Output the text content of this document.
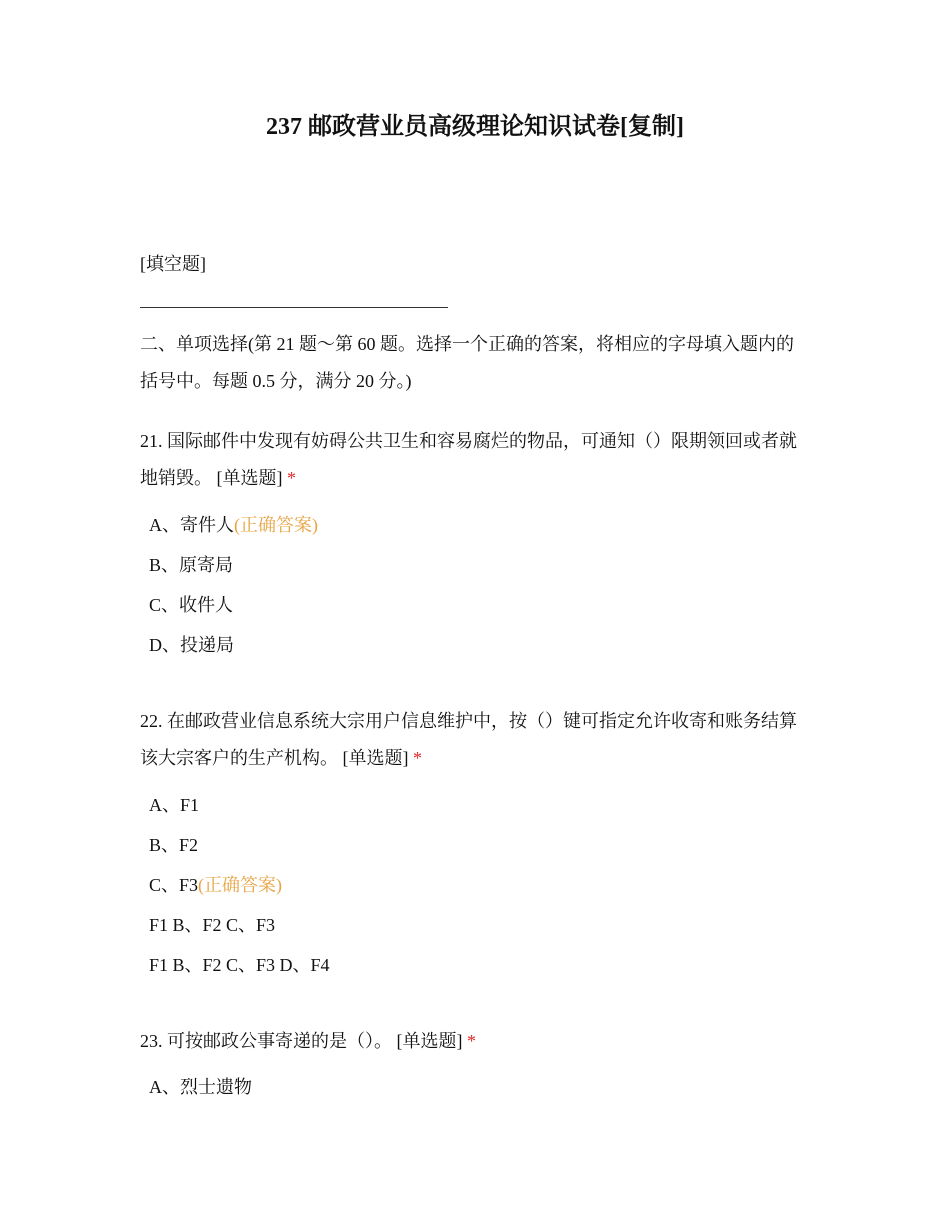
237 邮政营业员高级理论知识试卷[复制]
[填空题]

二、单项选择(第 21 题～第 60 题。选择一个正确的答案，将相应的字母填入题内的括号中。每题 0.5 分，满分 20 分。)

21. 国际邮件中发现有妨碍公共卫生和容易腐烂的物品，可通知（）限期领回或者就地销毁。 [单选题] *

A、寄件人(正确答案)
B、原寄局
C、收件人
D、投递局

22. 在邮政营业信息系统大宗用户信息维护中，按（）键可指定允许收寄和账务结算该大宗客户的生产机构。 [单选题] *

A、F1
B、F2
C、F3(正确答案)
F1 B、F2 C、F3
F1 B、F2 C、F3 D、F4

23. 可按邮政公事寄递的是（）。 [单选题] *

A、烈士遗物
